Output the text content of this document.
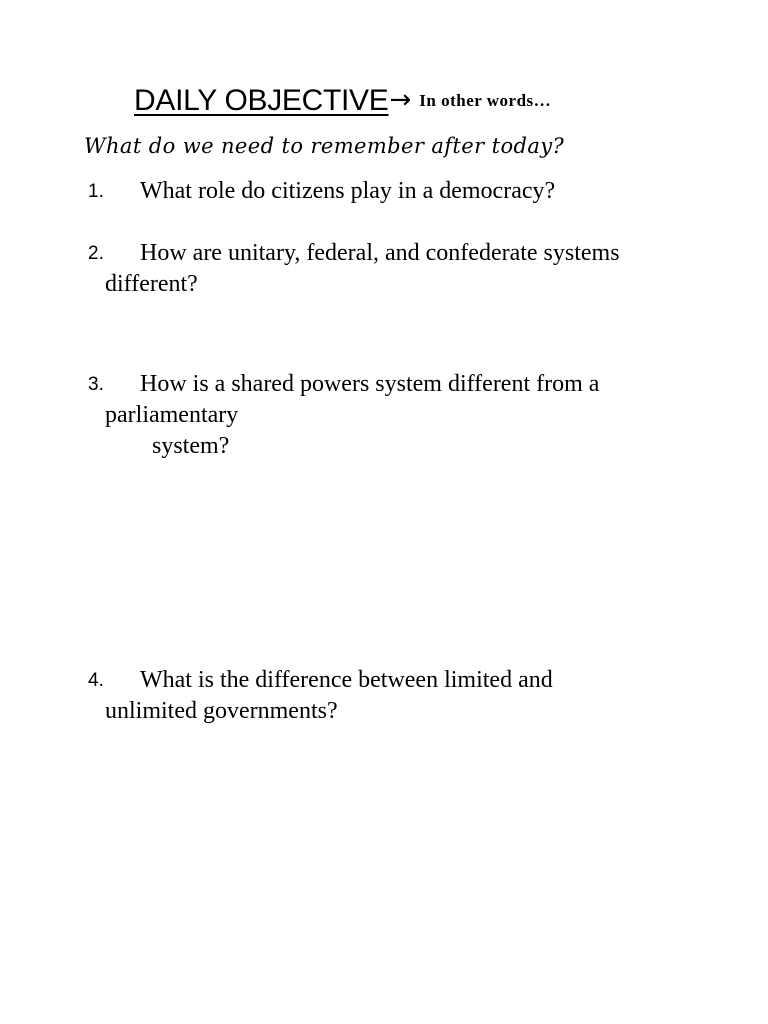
DAILY OBJECTIVE→ In other words…
What do we need to remember after today?
1. What role do citizens play in a democracy?
2. How are unitary, federal, and confederate systems
different?
3. How is a shared powers system different from a
parliamentary
system?
4. What is the difference between limited and
unlimited governments?
